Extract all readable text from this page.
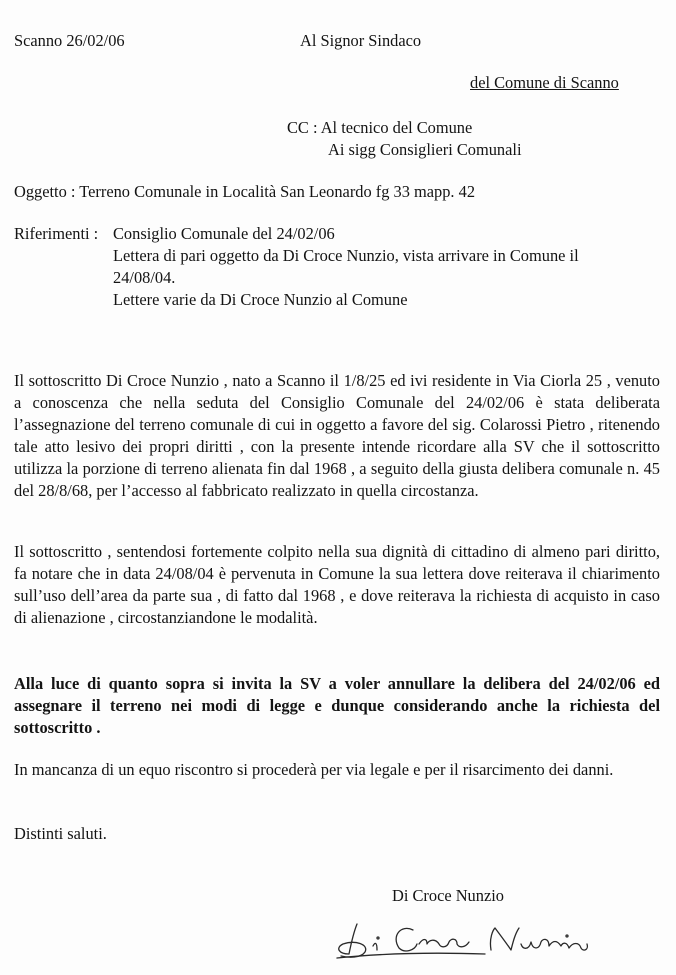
Scanno 26/02/06	Al Signor Sindaco
del Comune di Scanno
CC : Al tecnico del Comune
Ai sigg Consiglieri Comunali
Oggetto : Terreno Comunale in Località San Leonardo fg 33 mapp. 42
Riferimenti : Consiglio Comunale del 24/02/06
Lettera di pari oggetto da Di Croce Nunzio, vista arrivare in Comune il 24/08/04.
Lettere varie da Di Croce Nunzio al Comune
Il sottoscritto Di Croce Nunzio , nato a Scanno il 1/8/25 ed ivi residente in Via Ciorla 25 , venuto a conoscenza che nella seduta del Consiglio Comunale del 24/02/06 è stata deliberata l’assegnazione del terreno comunale di cui in oggetto a favore del sig. Colarossi Pietro , ritenendo tale atto lesivo dei propri diritti , con la presente intende ricordare alla SV che il sottoscritto utilizza la porzione di terreno alienata fin dal 1968 , a seguito della giusta delibera comunale n. 45 del 28/8/68, per l’accesso al fabbricato realizzato in quella circostanza.
Il sottoscritto , sentendosi fortemente colpito nella sua dignità di cittadino di almeno pari diritto, fa notare che in data 24/08/04 è pervenuta in Comune la sua lettera dove reiterava il chiarimento sull’uso dell’area da parte sua , di fatto dal 1968 , e dove reiterava la richiesta di acquisto in caso di alienazione , circostanziandone le modalità.
Alla luce di quanto sopra si invita la SV a voler annullare la delibera del 24/02/06 ed assegnare il terreno nei modi di legge e dunque considerando anche la richiesta del sottoscritto .
In mancanza di un equo riscontro si procederà per via legale e per il risarcimento dei danni.
Distinti saluti.
Di Croce Nunzio
